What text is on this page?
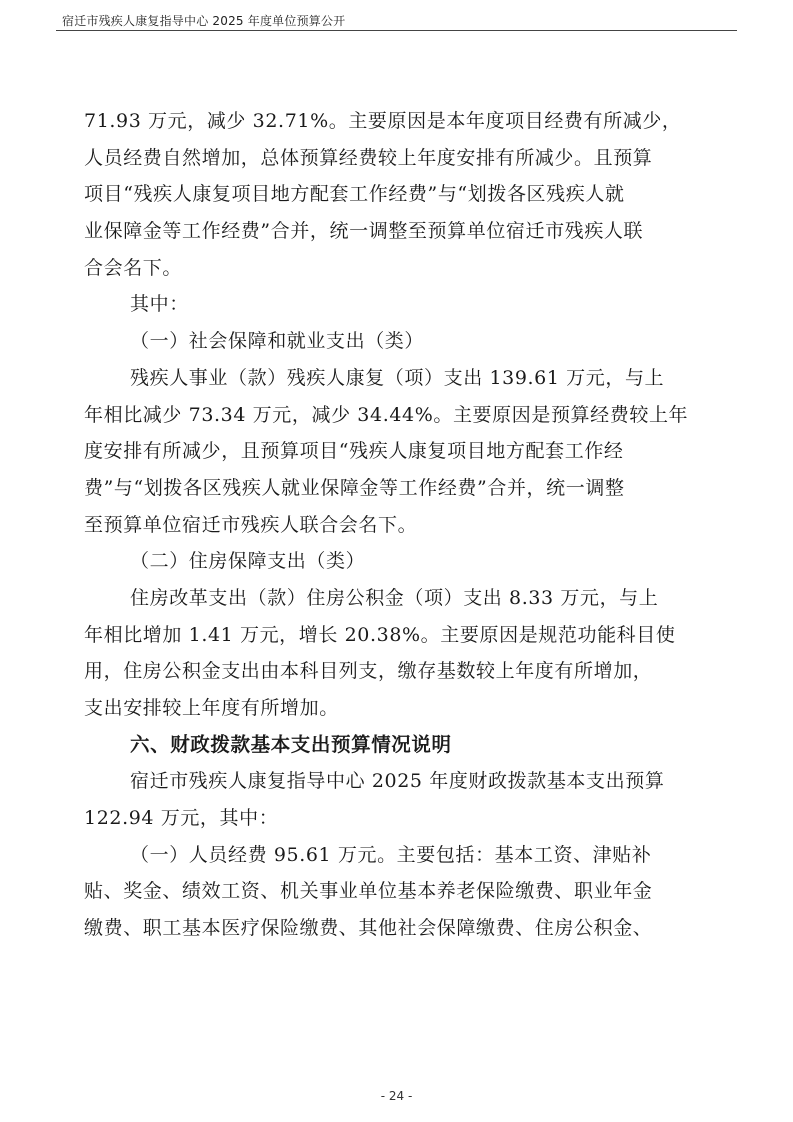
宿迁市残疾人康复指导中心 2025 年度单位预算公开
71.93 万元，减少 32.71%。主要原因是本年度项目经费有所减少，
人员经费自然增加，总体预算经费较上年度安排有所减少。且预算
项目“残疾人康复项目地方配套工作经费”与“划拨各区残疾人就
业保障金等工作经费”合并，统一调整至预算单位宿迁市残疾人联
合会名下。
其中：
（一）社会保障和就业支出（类）
残疾人事业（款）残疾人康复（项）支出 139.61 万元，与上
年相比减少 73.34 万元，减少 34.44%。主要原因是预算经费较上年
度安排有所减少，且预算项目“残疾人康复项目地方配套工作经
费”与“划拨各区残疾人就业保障金等工作经费”合并，统一调整
至预算单位宿迁市残疾人联合会名下。
（二）住房保障支出（类）
住房改革支出（款）住房公积金（项）支出 8.33 万元，与上
年相比增加 1.41 万元，增长 20.38%。主要原因是规范功能科目使
用，住房公积金支出由本科目列支，缴存基数较上年度有所增加，
支出安排较上年度有所增加。
六、财政拨款基本支出预算情况说明
宿迁市残疾人康复指导中心 2025 年度财政拨款基本支出预算
122.94 万元，其中：
（一）人员经费 95.61 万元。主要包括：基本工资、津贴补
贴、奖金、绩效工资、机关事业单位基本养老保险缴费、职业年金
缴费、职工基本医疗保险缴费、其他社会保障缴费、住房公积金、
- 24 -
